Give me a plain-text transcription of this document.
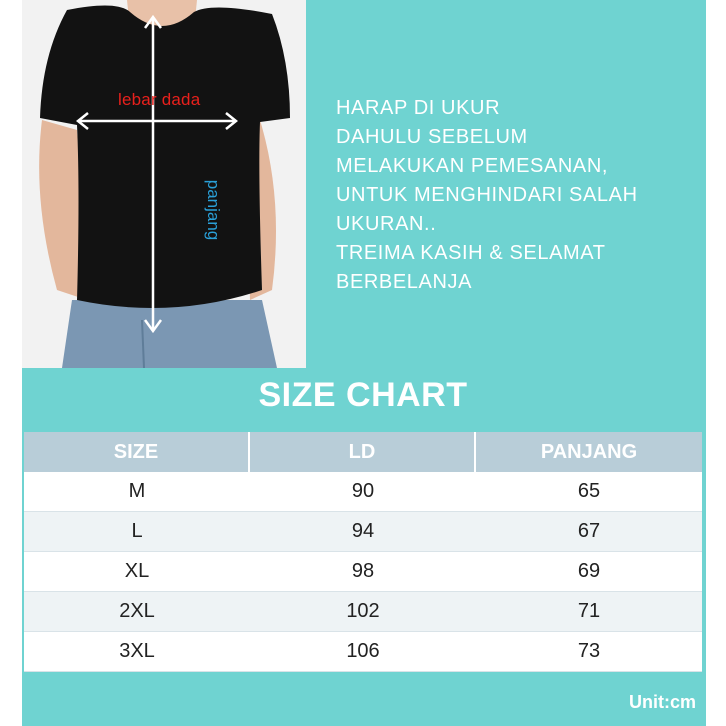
lebar dada
panjang
HARAP DI UKUR
DAHULU SEBELUM
MELAKUKAN PEMESANAN,
UNTUK MENGHINDARI SALAH
UKURAN..
TREIMA KASIH & SELAMAT
BERBELANJA
SIZE CHART
SIZE	LD	PANJANG
M	90	65
L	94	67
XL	98	69
2XL	102	71
3XL	106	73
Unit:cm
